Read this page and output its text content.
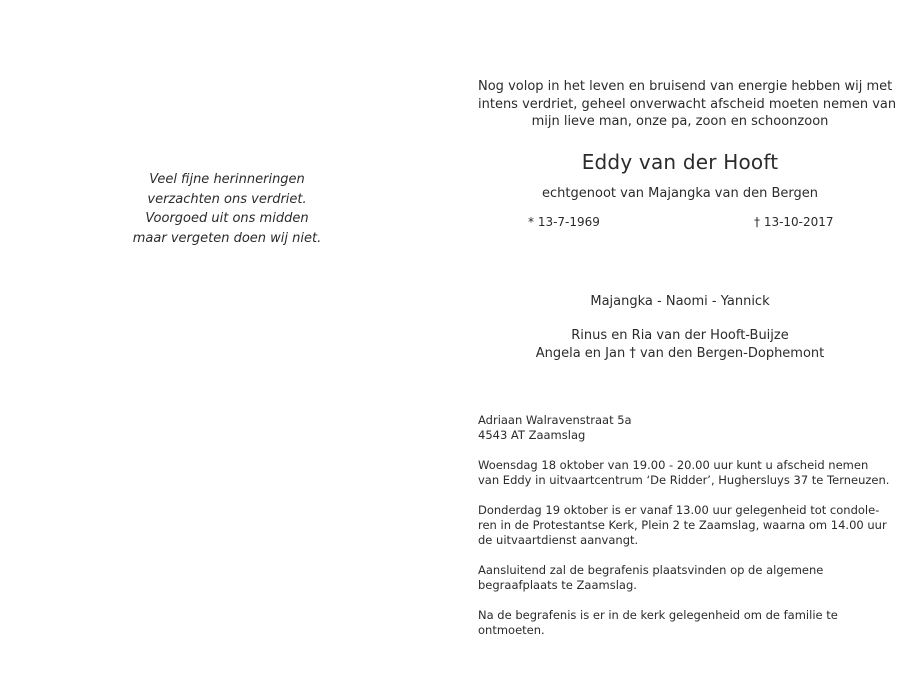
Veel fijne herinneringen
verzachten ons verdriet.
Voorgoed uit ons midden
maar vergeten doen wij niet.
Nog volop in het leven en bruisend van energie hebben wij met
intens verdriet, geheel onverwacht afscheid moeten nemen van
mijn lieve man, onze pa, zoon en schoonzoon
Eddy van der Hooft
echtgenoot van Majangka van den Bergen
* 13-7-1969	† 13-10-2017
Majangka - Naomi - Yannick
Rinus en Ria van der Hooft-Buijze
Angela en Jan † van den Bergen-Dophemont
Adriaan Walravenstraat 5a
4543 AT Zaamslag
Woensdag 18 oktober van 19.00 - 20.00 uur kunt u afscheid nemen
van Eddy in uitvaartcentrum ‘De Ridder’, Hughersluys 37 te Terneuzen.
Donderdag 19 oktober is er vanaf 13.00 uur gelegenheid tot condole-
ren in de Protestantse Kerk, Plein 2 te Zaamslag, waarna om 14.00 uur
de uitvaartdienst aanvangt.
Aansluitend zal de begrafenis plaatsvinden op de algemene
begraafplaats te Zaamslag.
Na de begrafenis is er in de kerk gelegenheid om de familie te
ontmoeten.
